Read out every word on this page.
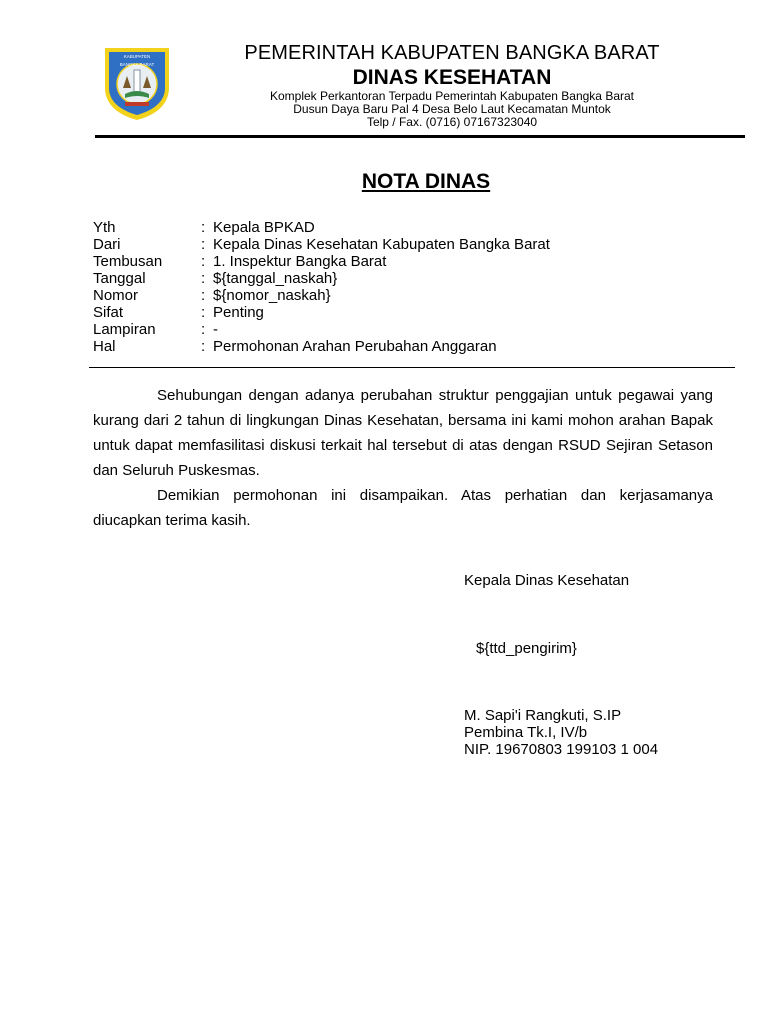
KABUPATEN
BANGKA BARAT
PEMERINTAH KABUPATEN BANGKA BARAT
DINAS KESEHATAN
Komplek Perkantoran Terpadu Pemerintah Kabupaten Bangka Barat
Dusun Daya Baru Pal 4 Desa Belo Laut Kecamatan Muntok
Telp / Fax. (0716) 07167323040
NOTA DINAS
Yth	: Kepala BPKAD
Dari	: Kepala Dinas Kesehatan Kabupaten Bangka Barat
Tembusan	: 1. Inspektur Bangka Barat
Tanggal	: ${tanggal_naskah}
Nomor	: ${nomor_naskah}
Sifat	: Penting
Lampiran	: -
Hal	: Permohonan Arahan Perubahan Anggaran

Sehubungan dengan adanya perubahan struktur penggajian untuk pegawai yang kurang dari 2 tahun di lingkungan Dinas Kesehatan, bersama ini kami mohon arahan Bapak untuk dapat memfasilitasi diskusi terkait hal tersebut di atas dengan RSUD Sejiran Setason dan Seluruh Puskesmas.

Demikian permohonan ini disampaikan. Atas perhatian dan kerjasamanya diucapkan terima kasih.

Kepala Dinas Kesehatan
${ttd_pengirim}
M. Sapi'i Rangkuti, S.IP
Pembina Tk.I, IV/b
NIP. 19670803 199103 1 004
